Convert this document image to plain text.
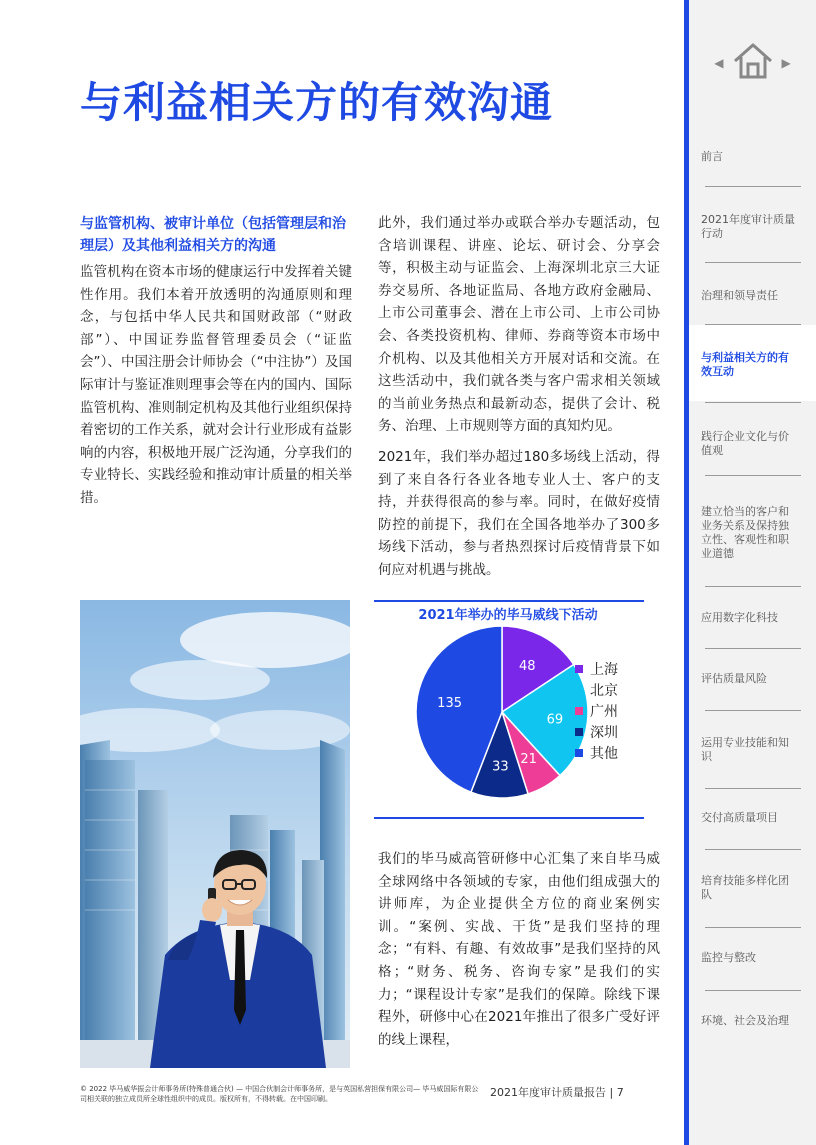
与利益相关方的有效沟通

与监管机构、被审计单位（包括管理层和治理层）及其他利益相关方的沟通

监管机构在资本市场的健康运行中发挥着关键性作用。我们本着开放透明的沟通原则和理念，与包括中华人民共和国财政部（“财政部”）、中国证券监督管理委员会（“证监会”）、中国注册会计师协会（“中注协”）及国际审计与鉴证准则理事会等在内的国内、国际监管机构、准则制定机构及其他行业组织保持着密切的工作关系，就对会计行业形成有益影响的内容，积极地开展广泛沟通，分享我们的专业特长、实践经验和推动审计质量的相关举措。

此外，我们通过举办或联合举办专题活动，包含培训课程、讲座、论坛、研讨会、分享会等，积极主动与证监会、上海深圳北京三大证券交易所、各地证监局、各地方政府金融局、上市公司董事会、潜在上市公司、上市公司协会、各类投资机构、律师、券商等资本市场中介机构、以及其他相关方开展对话和交流。在这些活动中，我们就各类与客户需求相关领域的当前业务热点和最新动态，提供了会计、税务、治理、上市规则等方面的真知灼见。

2021年，我们举办超过180多场线上活动，得到了来自各行各业各地专业人士、客户的支持，并获得很高的参与率。同时，在做好疫情防控的前提下，我们在全国各地举办了300多场线下活动，参与者热烈探讨后疫情背景下如何应对机遇与挑战。

2021年举办的毕马威线下活动
48
69
21
33
135
上海
北京
广州
深圳
其他

我们的毕马威高管研修中心汇集了来自毕马威全球网络中各领域的专家，由他们组成强大的讲师库，为企业提供全方位的商业案例实训。“案例、实战、干货”是我们坚持的理念；“有料、有趣、有效故事”是我们坚持的风格；“财务、税务、咨询专家”是我们的实力；“课程设计专家”是我们的保障。除线下课程外，研修中心在2021年推出了很多广受好评的线上课程，

© 2022 毕马威华振会计师事务所(特殊普通合伙) — 中国合伙制会计师事务所，是与英国私营担保有限公司— 毕马威国际有限公司相关联的独立成员所全球性组织中的成员。版权所有，不得转载。在中国印刷。	2021年度审计质量报告 | 7
◀	▶
前言
2021年度审计质量行动
治理和领导责任
与利益相关方的有效互动
践行企业文化与价值观
建立恰当的客户和业务关系及保持独立性、客观性和职业道德
应用数字化科技
评估质量风险
运用专业技能和知识
交付高质量项目
培育技能多样化团队
监控与整改
环境、社会及治理
